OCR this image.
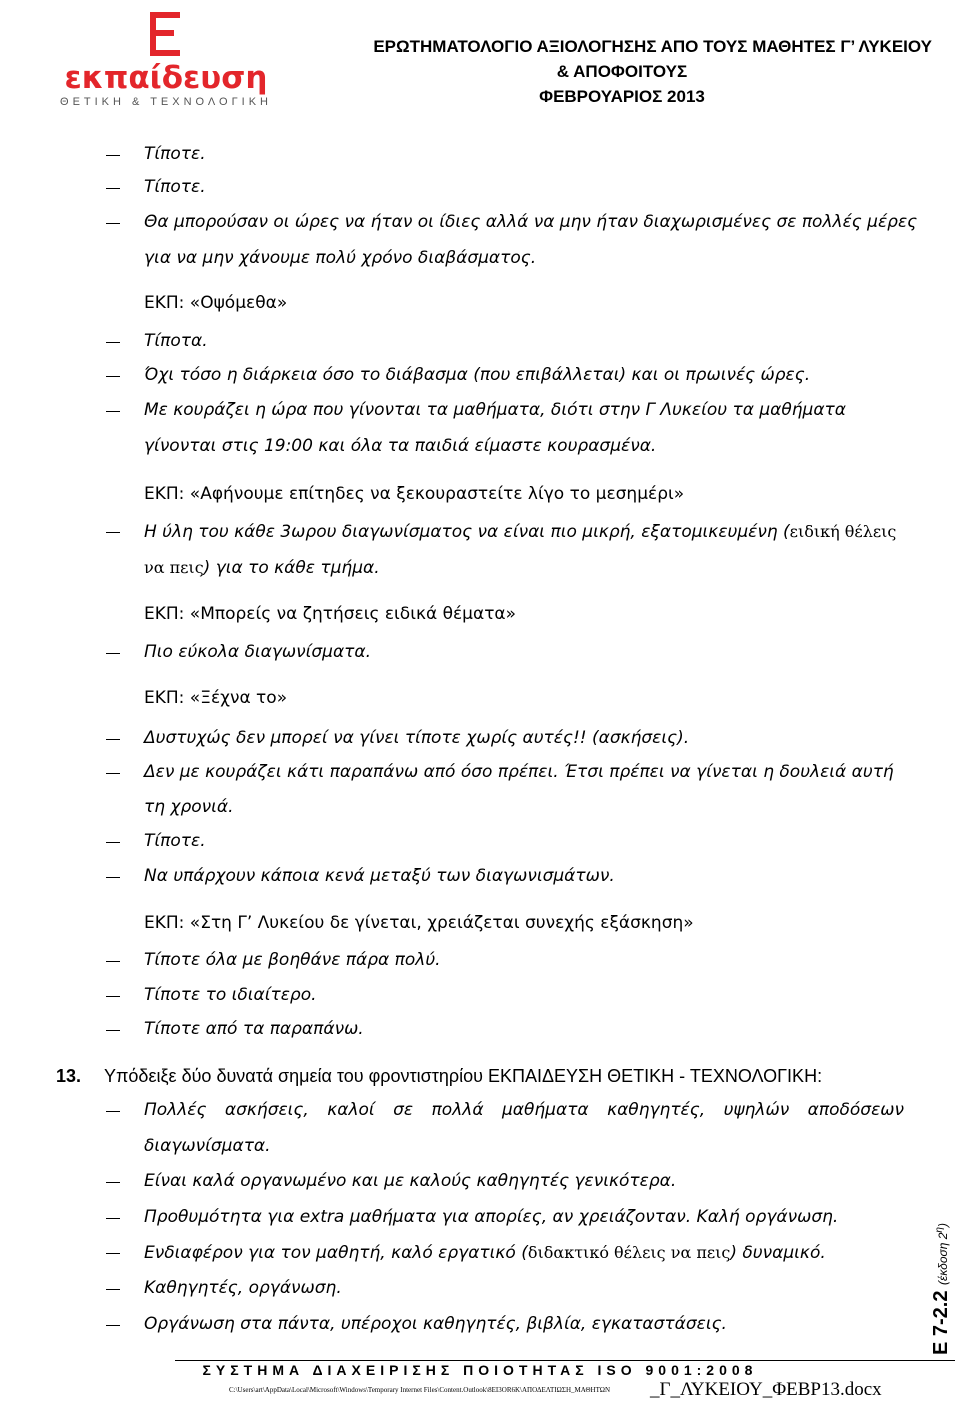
εκπαίδευση
ΘΕΤΙΚΗ & ΤΕΧΝΟΛΟΓΙΚΗ
ΕΡΩΤΗΜΑΤΟΛΟΓΙΟ ΑΞΙΟΛΟΓΗΣΗΣ ΑΠΟ ΤΟΥΣ ΜΑΘΗΤΕΣ Γ’ ΛΥΚΕΙΟΥ
& ΑΠΟΦΟΙΤΟΥΣ
ΦΕΒΡΟΥΑΡΙΟΣ 2013
Τίποτε.
Τίποτε.
Θα μπορούσαν οι ώρες να ήταν οι ίδιες αλλά να μην ήταν διαχωρισμένες σε πολλές μέρες
για να μην χάνουμε πολύ χρόνο διαβάσματος.
ΕΚΠ: «Οψόμεθα»
Τίποτα.
Όχι τόσο η διάρκεια όσο το διάβασμα (που επιβάλλεται) και οι πρωινές ώρες.
Με κουράζει η ώρα που γίνονται τα μαθήματα, διότι στην Γ Λυκείου τα μαθήματα
γίνονται στις 19:00 και όλα τα παιδιά είμαστε κουρασμένα.
ΕΚΠ: «Αφήνουμε επίτηδες να ξεκουραστείτε λίγο το μεσημέρι»
Η ύλη του κάθε 3ωρου διαγωνίσματος να είναι πιο μικρή, εξατομικευμένη (ειδική θέλεις
να πεις) για το κάθε τμήμα.
ΕΚΠ: «Μπορείς να ζητήσεις ειδικά θέματα»
Πιο εύκολα διαγωνίσματα.
ΕΚΠ: «Ξέχνα το»
Δυστυχώς δεν μπορεί να γίνει τίποτε χωρίς αυτές!! (ασκήσεις).
Δεν με κουράζει κάτι παραπάνω από όσο πρέπει. Έτσι πρέπει να γίνεται η δουλειά αυτή
τη χρονιά.
Τίποτε.
Να υπάρχουν κάποια κενά μεταξύ των διαγωνισμάτων.
ΕΚΠ: «Στη Γ’ Λυκείου δε γίνεται, χρειάζεται συνεχής εξάσκηση»
Τίποτε όλα με βοηθάνε πάρα πολύ.
Τίποτε το ιδιαίτερο.
Τίποτε από τα παραπάνω.
13. Υπόδειξε δύο δυνατά σημεία του φροντιστηρίου ΕΚΠΑΙΔΕΥΣΗ ΘΕΤΙΚΗ - ΤΕΧΝΟΛΟΓΙΚΗ:
Πολλές ασκήσεις, καλοί σε πολλά μαθήματα καθηγητές, υψηλών αποδόσεων
διαγωνίσματα.
Είναι καλά οργανωμένο και με καλούς καθηγητές γενικότερα.
Προθυμότητα για extra μαθήματα για απορίες, αν χρειάζονταν. Καλή οργάνωση.
Ενδιαφέρον για τον μαθητή, καλό εργατικό (διδακτικό θέλεις να πεις) δυναμικό.
Καθηγητές, οργάνωση.
Οργάνωση στα πάντα, υπέροχοι καθηγητές, βιβλία, εγκαταστάσεις.	Ε 7-2.2 (έκδοση $2^\eta$)
ΣΥΣΤΗΜΑ ΔΙΑΧΕΙΡΙΣΗΣ ΠΟΙΟΤΗΤΑΣ ISO 9001:2008
C:\Users\art\AppData\Local\Microsoft\Windows\Temporary Internet Files\Content.Outlook\8EI3OR6K\ΑΠΟΔΕΛΤΙΩΣΗ_ΜΑΘΗΤΩΝ _Γ_ΛΥΚΕΙΟΥ_ΦΕΒΡ13.docx
